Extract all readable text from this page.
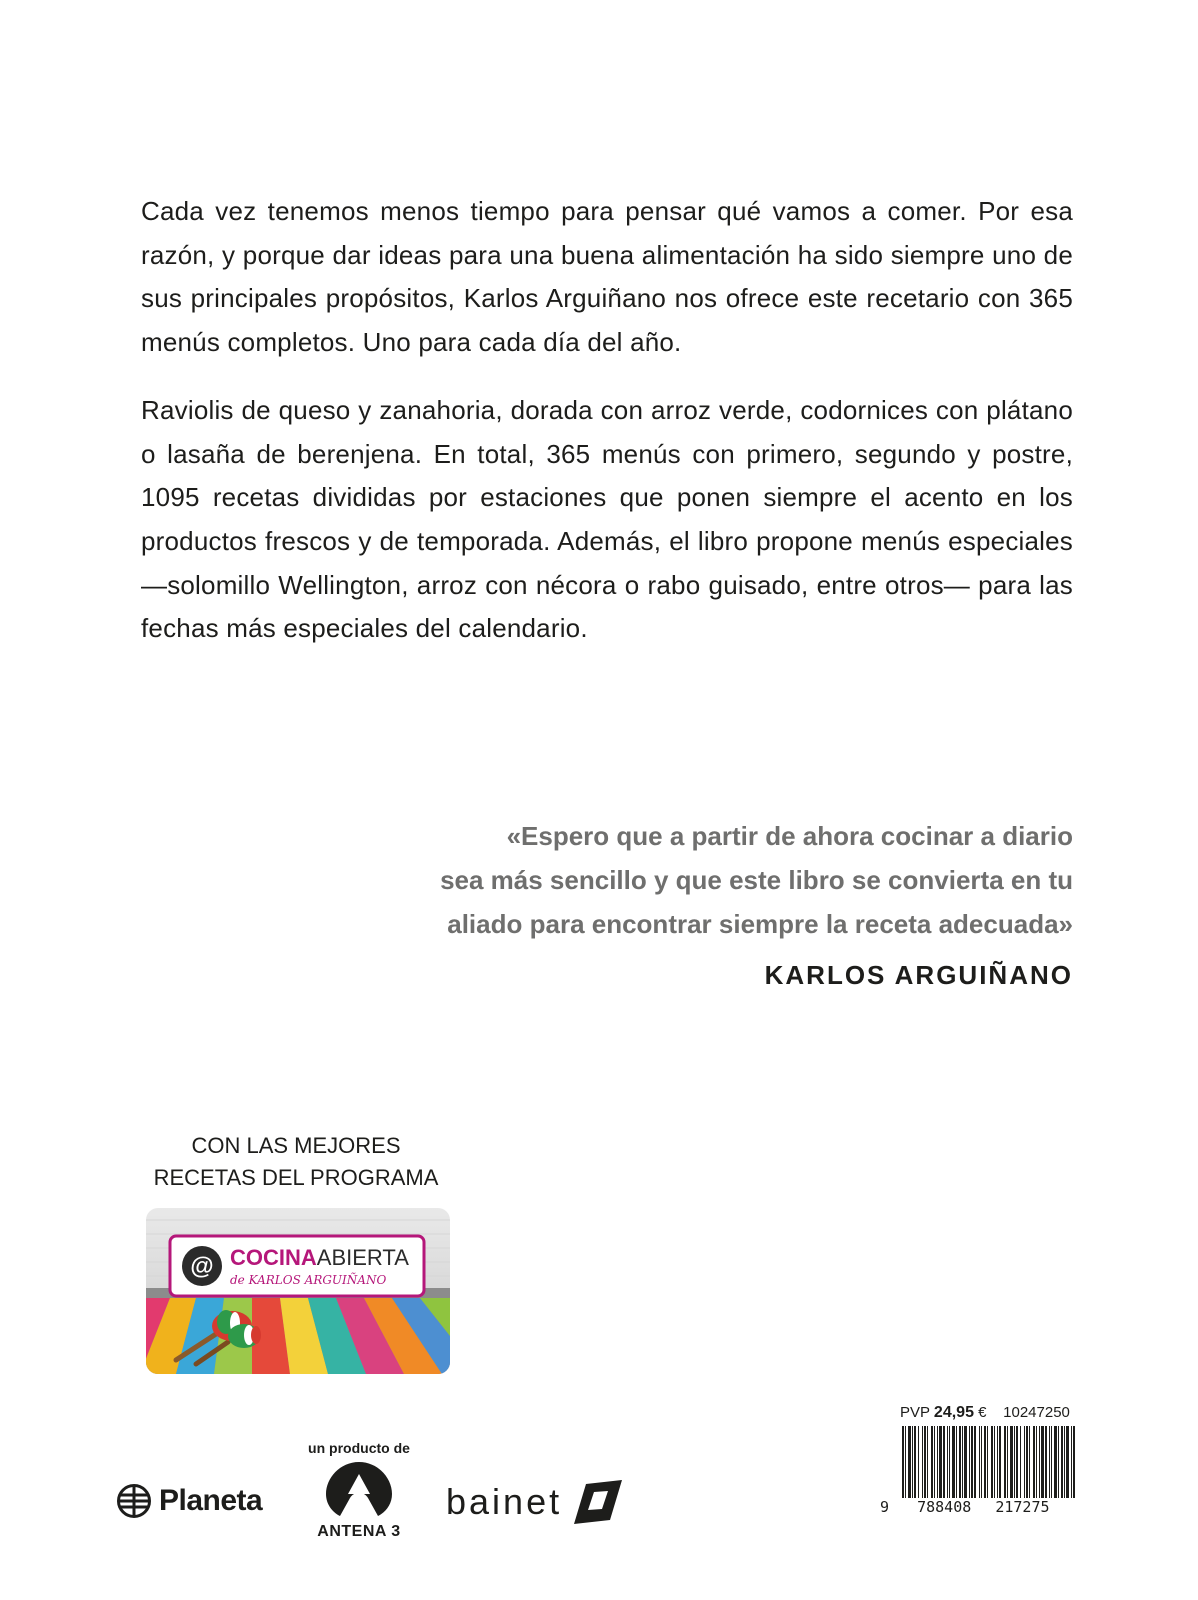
Cada vez tenemos menos tiempo para pensar qué vamos a comer. Por esa razón, y porque dar ideas para una buena alimentación ha sido siempre uno de sus principales propósitos, Karlos Arguiñano nos ofrece este recetario con 365 menús completos. Uno para cada día del año.

Raviolis de queso y zanahoria, dorada con arroz verde, codornices con plátano o lasaña de berenjena. En total, 365 menús con primero, segundo y postre, 1095 recetas divididas por estaciones que ponen siempre el acento en los productos frescos y de temporada. Además, el libro propone menús especiales —solomillo Wellington, arroz con nécora o rabo guisado, entre otros— para las fechas más especiales del calendario.

«Espero que a partir de ahora cocinar a diario
sea más sencillo y que este libro se convierta en tu
aliado para encontrar siempre la receta adecuada»
KARLOS ARGUIÑANO
CON LAS MEJORES
RECETAS DEL PROGRAMA
@ COCINAABIERTA
de KARLOS ARGUIÑANO
PVP 24,95 € 10247250
9 788408 217275
Planeta
un producto de
ANTENA 3
bainet
